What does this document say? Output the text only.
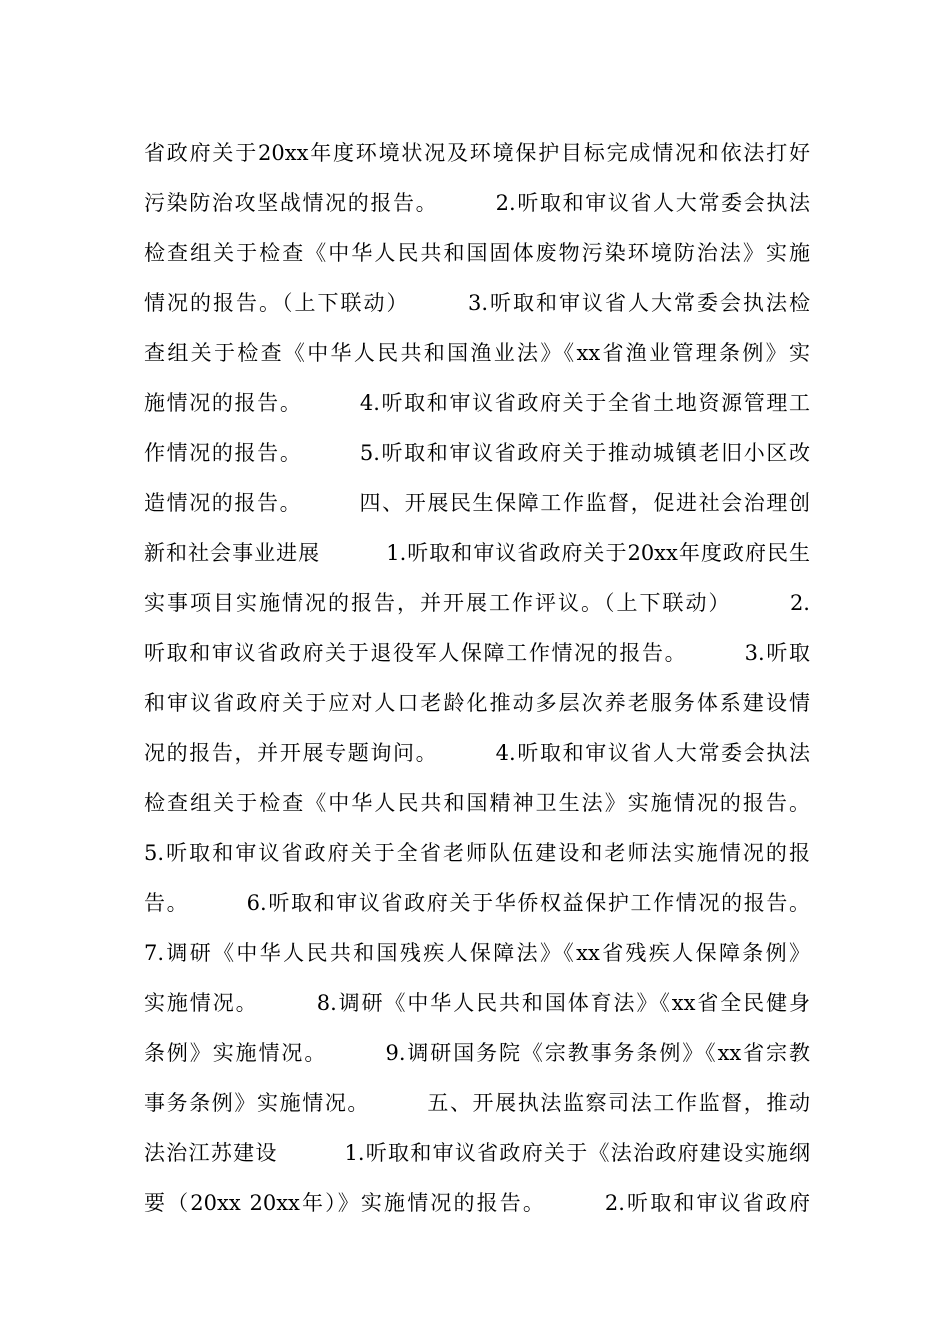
省政府关于20xx年度环境状况及环境保护目标完成情况和依法打好
污染防治攻坚战情况的报告。　　　2.听取和审议省人大常委会执法
检查组关于检查《中华人民共和国固体废物污染环境防治法》实施
情况的报告。（上下联动）　　　3.听取和审议省人大常委会执法检
查组关于检查《中华人民共和国渔业法》《xx省渔业管理条例》实
施情况的报告。　　　4.听取和审议省政府关于全省土地资源管理工
作情况的报告。　　　5.听取和审议省政府关于推动城镇老旧小区改
造情况的报告。　　　四、开展民生保障工作监督，促进社会治理创
新和社会事业进展　　　1.听取和审议省政府关于20xx年度政府民生
实事项目实施情况的报告，并开展工作评议。（上下联动）　　　2.
听取和审议省政府关于退役军人保障工作情况的报告。　　　3.听取
和审议省政府关于应对人口老龄化推动多层次养老服务体系建设情
况的报告，并开展专题询问。　　　4.听取和审议省人大常委会执法
检查组关于检查《中华人民共和国精神卫生法》实施情况的报告。
5.听取和审议省政府关于全省老师队伍建设和老师法实施情况的报
告。　　　6.听取和审议省政府关于华侨权益保护工作情况的报告。
7.调研《中华人民共和国残疾人保障法》《xx省残疾人保障条例》
实施情况。　　　8.调研《中华人民共和国体育法》《xx省全民健身
条例》实施情况。　　　9.调研国务院《宗教事务条例》《xx省宗教
事务条例》实施情况。　　　五、开展执法监察司法工作监督，推动
法治江苏建设　　　1.听取和审议省政府关于《法治政府建设实施纲
要（20xx 20xx年）》实施情况的报告。　　　2.听取和审议省政府
